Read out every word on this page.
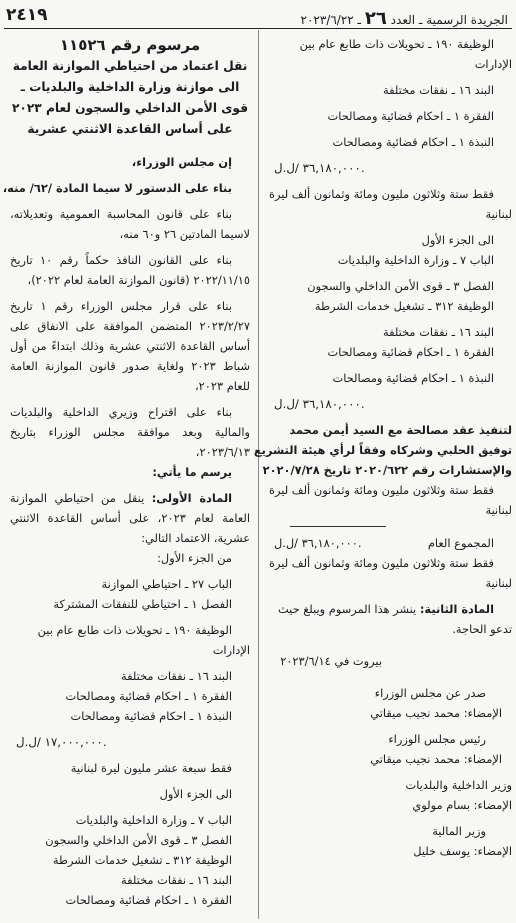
٢٤١٩	الجريدة الرسمية ـ العدد ٢٦ ـ ٢٠٢٣/٦/٢٢
الوظيفة ١٩٠ ـ تحويلات ذات طابع عام بين
الإدارات
البند ١٦ ـ نفقات مختلفة
الفقرة ١ ـ احكام قضائية ومصالحات
النبذة ١ ـ احكام قضائية ومصالحات
٣٦,١٨٠,٠٠٠ /ل.ل.
فقط ستة وثلاثون مليون ومائة وثمانون ألف ليرة
لبنانية
الى الجزء الأول
الباب ٧ ـ وزارة الداخلية والبلديات
الفصل ٣ ـ قوى الأمن الداخلي والسجون
الوظيفة ٣١٢ ـ تشغيل خدمات الشرطة
البند ١٦ ـ نفقات مختلفة
الفقرة ١ ـ احكام قضائية ومصالحات
النبذة ١ ـ احكام قضائية ومصالحات
٣٦,١٨٠,٠٠٠ /ل.ل.
لتنفيذ عقد مصالحة مع السيد أيمن محمد
توفيق الحلبي وشركاه وفقاً لرأي هيئة التشريع
والإستشارات رقم ٢٠٢٠/٦٢٢ تاريخ ٢٠٢٠/٧/٢٨
فقط ستة وثلاثون مليون ومائة وثمانون ألف ليرة
لبنانية
المجموع العام
٣٦,١٨٠,٠٠٠ /ل.ل.
فقط ستة وثلاثون مليون ومائة وثمانون ألف ليرة
لبنانية
المادة الثانية: ينشر هذا المرسوم ويبلغ حيث
تدعو الحاجة.
بيروت في ٢٠٢٣/٦/١٤
صدر عن مجلس الوزراء
الإمضاء: محمد نجيب ميقاتي
رئيس مجلس الوزراء
الإمضاء: محمد نجيب ميقاتي
وزير الداخلية والبلديات
الإمضاء: بسام مولوي
وزير المالية
الإمضاء: يوسف خليل
مرسوم رقم ١١٥٢٦
نقل اعتماد من احتياطي الموازنة العامة
الى موازنة وزارة الداخلية والبلديات ـ
قوى الأمن الداخلي والسجون لعام ٢٠٢٣
على أساس القاعدة الاثنتي عشرية
إن مجلس الوزراء،
بناء على الدستور لا سيما المادة /٦٢/ منه،
بناء على قانون المحاسبة العمومية وتعديلاته، لاسيما المادتين ٢٦ و٦٠ منه،
بناء على القانون النافذ حكماً رقم ١٠ تاريخ ٢٠٢٢/١١/١٥ (قانون الموازنة العامة لعام ٢٠٢٢)،
بناء على قرار مجلس الوزراء رقم ١ تاريخ ٢٠٢٣/٢/٢٧ المتضمن الموافقة على الانفاق على أساس القاعدة الاثنتي عشرية وذلك ابتداءً من أول شباط ٢٠٢٣ ولغاية صدور قانون الموازنة العامة للعام ٢٠٢٣،
بناء على اقتراح وزيري الداخلية والبلديات والمالية وبعد موافقة مجلس الوزراء بتاريخ ٢٠٢٣/٦/١٣،
يرسم ما يأتي:
المادة الأولى: ينقل من احتياطي الموازنة العامة لعام ٢٠٢٣، على أساس القاعدة الاثنتي عشرية، الاعتماد التالي:
من الجزء الأول:
الباب ٢٧ ـ احتياطي الموازنة
الفصل ١ ـ احتياطي للنفقات المشتركة
الوظيفة ١٩٠ ـ تحويلات ذات طابع عام بين
الإدارات
البند ١٦ ـ نفقات مختلفة
الفقرة ١ ـ احكام قضائية ومصالحات
النبذة ١ ـ احكام قضائية ومصالحات
١٧,٠٠٠,٠٠٠ /ل.ل.
فقط سبعة عشر مليون ليرة لبنانية
الى الجزء الأول
الباب ٧ ـ وزارة الداخلية والبلديات
الفصل ٣ ـ قوى الأمن الداخلي والسجون
الوظيفة ٣١٢ ـ تشغيل خدمات الشرطة
البند ١٦ ـ نفقات مختلفة
الفقرة ١ ـ احكام قضائية ومصالحات
